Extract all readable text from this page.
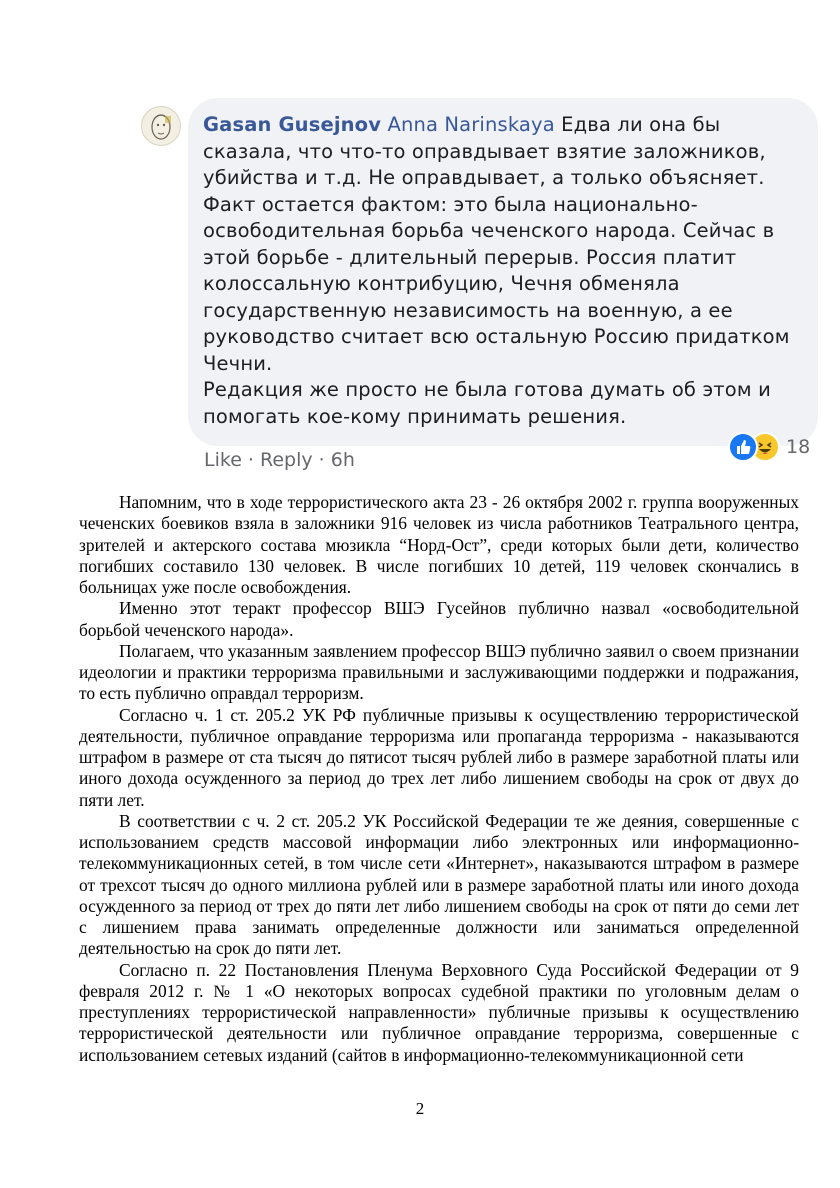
Gasan Gusejnov Anna Narinskaya Едва ли она бы
сказала, что что-то оправдывает взятие заложников,
убийства и т.д. Не оправдывает, а только объясняет.
Факт остается фактом: это была национально-
освободительная борьба чеченского народа. Сейчас в
этой борьбе - длительный перерыв. Россия платит
колоссальную контрибуцию, Чечня обменяла
государственную независимость на военную, а ее
руководство считает всю остальную Россию придатком
Чечни.
Редакция же просто не была готова думать об этом и
помогать кое-кому принимать решения.
18
Like · Reply · 6h

Напомним, что в ходе террористического акта 23 - 26 октября 2002 г. группа вооруженных чеченских боевиков взяла в заложники 916 человек из числа работников Театрального центра, зрителей и актерского состава мюзикла “Норд-Ост”, среди которых были дети, количество погибших составило 130 человек. В числе погибших 10 детей, 119 человек скончались в больницах уже после освобождения.

Именно этот теракт профессор ВШЭ Гусейнов публично назвал «освободительной борьбой чеченского народа».

Полагаем, что указанным заявлением профессор ВШЭ публично заявил о своем признании идеологии и практики терроризма правильными и заслуживающими поддержки и подражания, то есть публично оправдал терроризм.

Согласно ч. 1 ст. 205.2 УК РФ публичные призывы к осуществлению террористической деятельности, публичное оправдание терроризма или пропаганда терроризма - наказываются штрафом в размере от ста тысяч до пятисот тысяч рублей либо в размере заработной платы или иного дохода осужденного за период до трех лет либо лишением свободы на срок от двух до пяти лет.

В соответствии с ч. 2 ст. 205.2 УК Российской Федерации те же деяния, совершенные с использованием средств массовой информации либо электронных или информационно-телекоммуникационных сетей, в том числе сети «Интернет», наказываются штрафом в размере от трехсот тысяч до одного миллиона рублей или в размере заработной платы или иного дохода осужденного за период от трех до пяти лет либо лишением свободы на срок от пяти до семи лет с лишением права занимать определенные должности или заниматься определенной деятельностью на срок до пяти лет.

Согласно п. 22 Постановления Пленума Верховного Суда Российской Федерации от 9 февраля 2012 г. № 1 «О некоторых вопросах судебной практики по уголовным делам о преступлениях террористической направленности» публичные призывы к осуществлению террористической деятельности или публичное оправдание терроризма, совершенные с использованием сетевых изданий (сайтов в информационно-телекоммуникационной сети

2
